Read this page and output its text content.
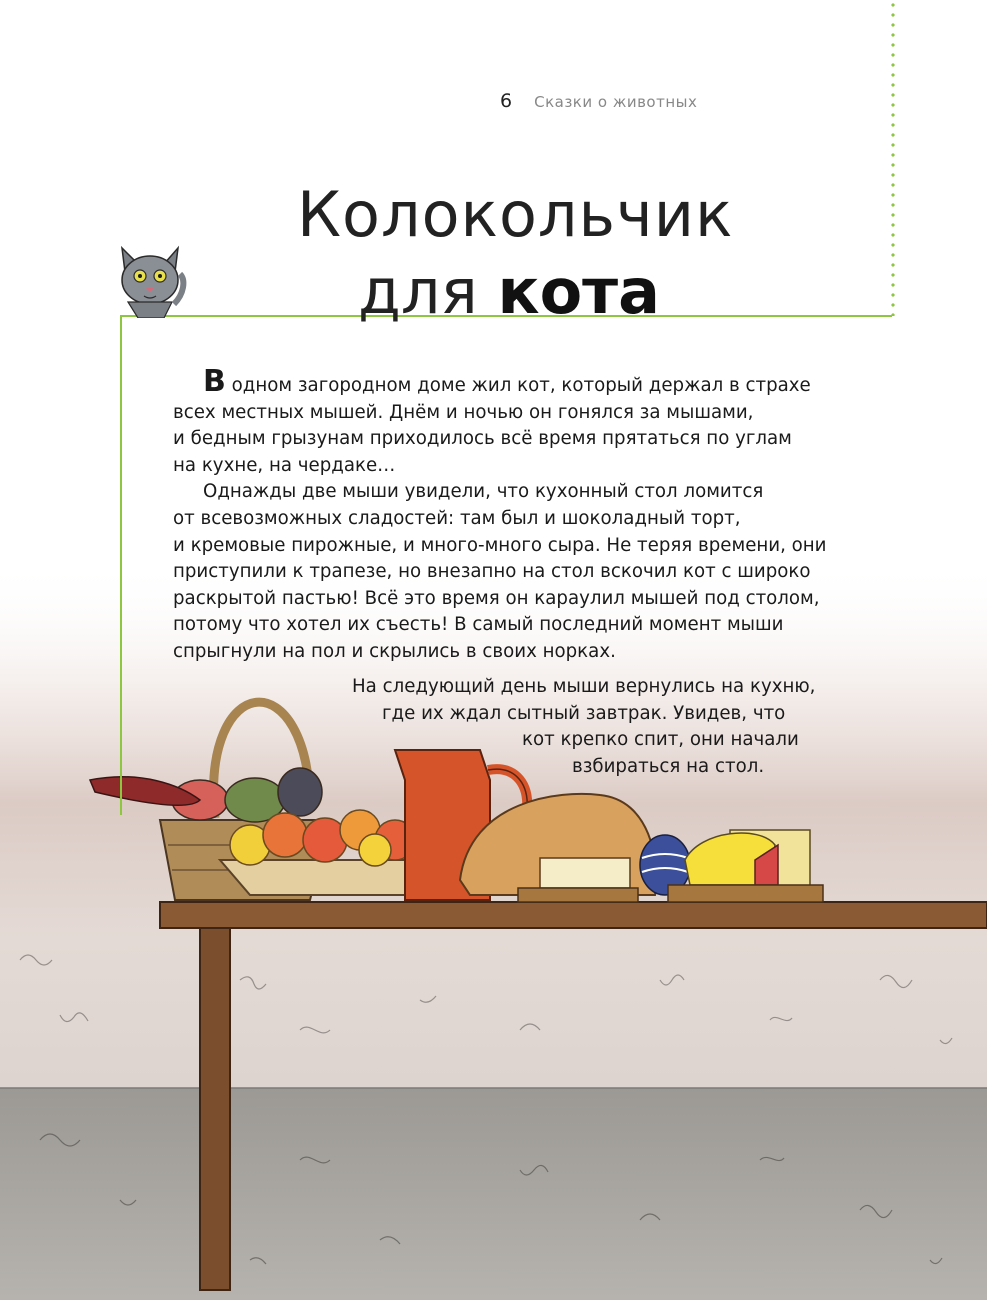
6 Сказки о животных
Колокольчик
для кота

В одном загородном доме жил кот, который держал в страхе
всех местных мышей. Днём и ночью он гонялся за мышами,
и бедным грызунам приходилось всё время прятаться по углам
на кухне, на чердаке…

Однажды две мыши увидели, что кухонный стол ломится
от всевозможных сладостей: там был и шоколадный торт,
и кремовые пирожные, и много-много сыра. Не теряя времени, они
приступили к трапезе, но внезапно на стол вскочил кот с широко
раскрытой пастью! Всё это время он караулил мышей под столом,
потому что хотел их съесть! В самый последний момент мыши
спрыгнули на пол и скрылись в своих норках.

На следующий день мыши вернулись на кухню,
где их ждал сытный завтрак. Увидев, что
кот крепко спит, они начали
взбираться на стол.
